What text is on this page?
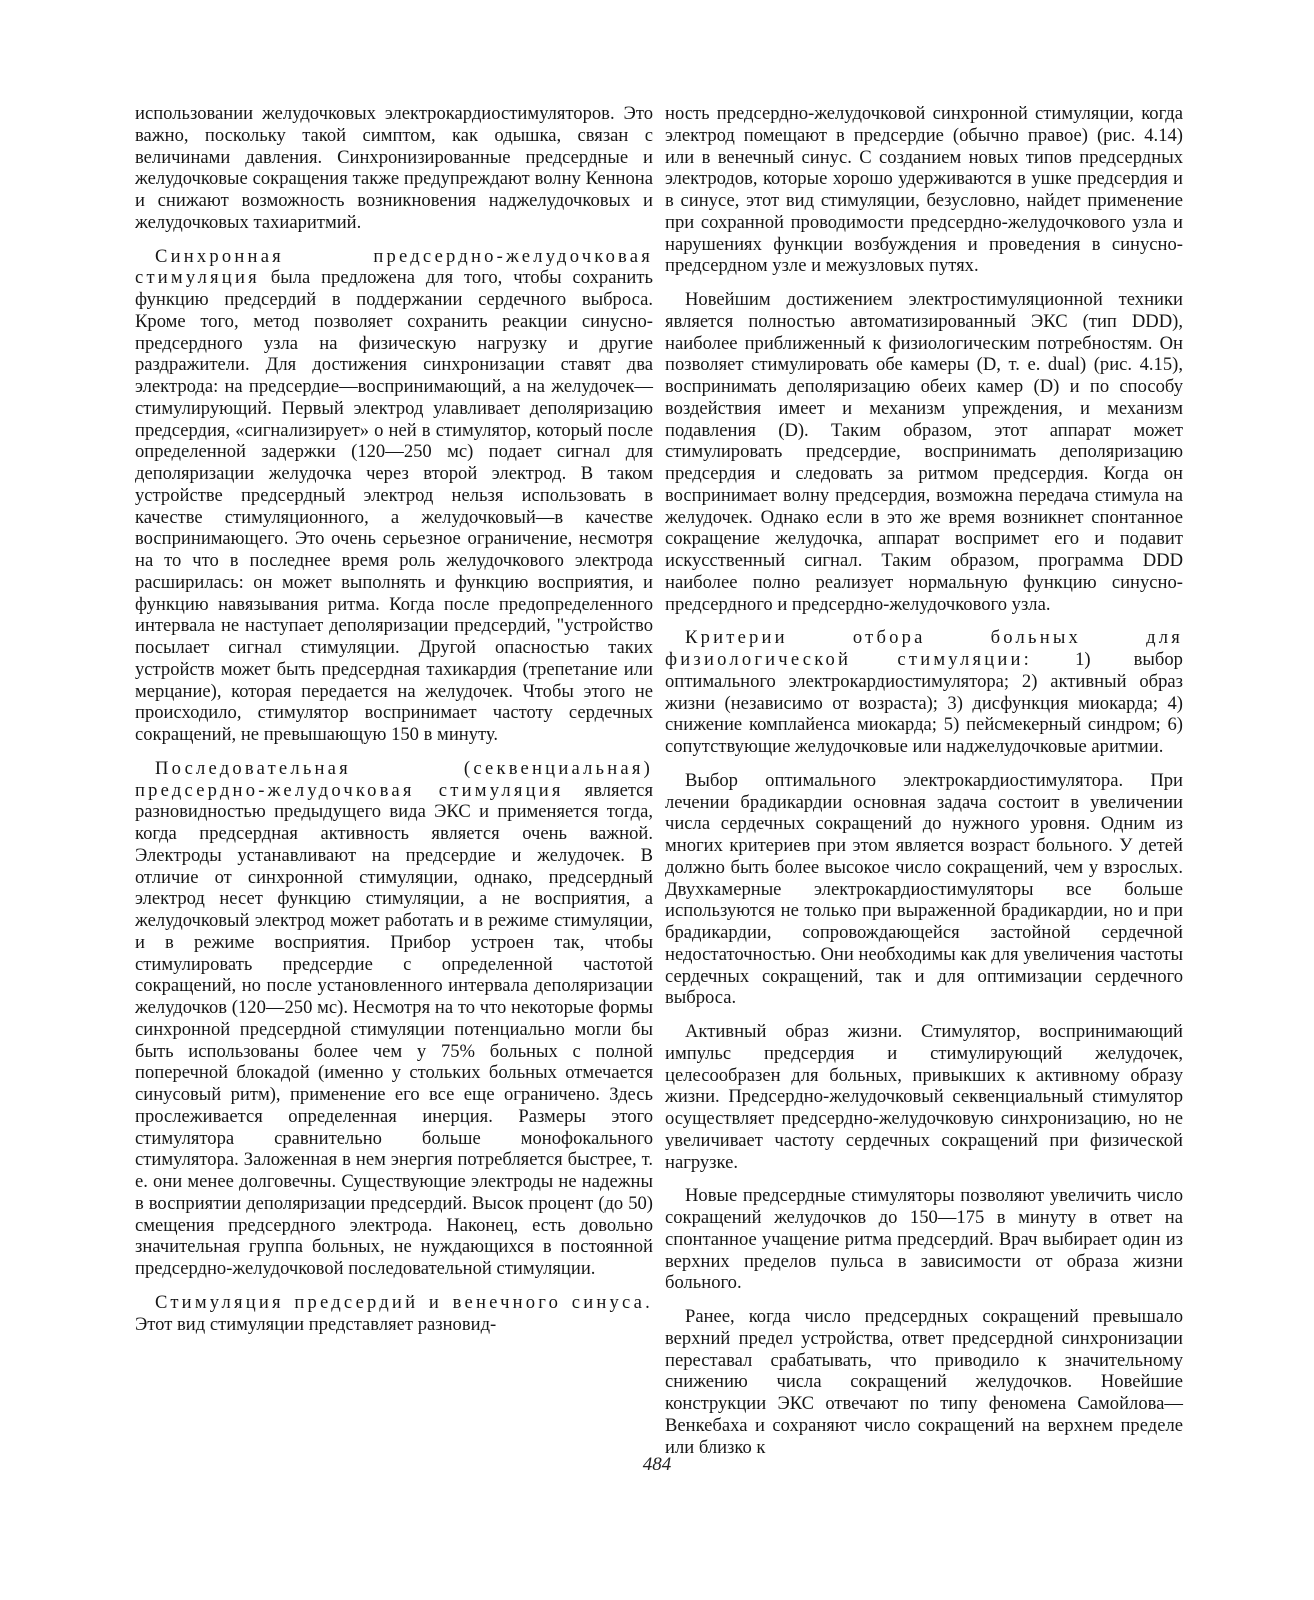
использовании желудочковых электрокардиостимуляторов. Это важно, поскольку такой симптом, как одышка, связан с величинами давления. Синхронизированные предсердные и желудочковые сокращения также предупреждают волну Кеннона и снижают возможность возникновения наджелудочковых и желудочковых тахиаритмий.

Синхронная предсердно-желудочковая стимуляция была предложена для того, чтобы сохранить функцию предсердий в поддержании сердечного выброса. Кроме того, метод позволяет сохранить реакции синусно-предсердного узла на физическую нагрузку и другие раздражители. Для достижения синхронизации ставят два электрода: на предсердие—воспринимающий, а на желудочек—стимулирующий. Первый электрод улавливает деполяризацию предсердия, «сигнализирует» о ней в стимулятор, который после определенной задержки (120—250 мс) подает сигнал для деполяризации желудочка через второй электрод. В таком устройстве предсердный электрод нельзя использовать в качестве стимуляционного, а желудочковый—в качестве воспринимающего. Это очень серьезное ограничение, несмотря на то что в последнее время роль желудочкового электрода расширилась: он может выполнять и функцию восприятия, и функцию навязывания ритма. Когда после предопределенного интервала не наступает деполяризации предсердий, "устройство посылает сигнал стимуляции. Другой опасностью таких устройств может быть предсердная тахикардия (трепетание или мерцание), которая передается на желудочек. Чтобы этого не происходило, стимулятор воспринимает частоту сердечных сокращений, не превышающую 150 в минуту.

Последовательная (секвенциальная) предсердно-желудочковая стимуляция является разновидностью предыдущего вида ЭКС и применяется тогда, когда предсердная активность является очень важной. Электроды устанавливают на предсердие и желудочек. В отличие от синхронной стимуляции, однако, предсердный электрод несет функцию стимуляции, а не восприятия, а желудочковый электрод может работать и в режиме стимуляции, и в режиме восприятия. Прибор устроен так, чтобы стимулировать предсердие с определенной частотой сокращений, но после установленного интервала деполяризации желудочков (120—250 мс). Несмотря на то что некоторые формы синхронной предсердной стимуляции потенциально могли бы быть использованы более чем у 75% больных с полной поперечной блокадой (именно у стольких больных отмечается синусовый ритм), применение его все еще ограничено. Здесь прослеживается определенная инерция. Размеры этого стимулятора сравнительно больше монофокального стимулятора. Заложенная в нем энергия потребляется быстрее, т. е. они менее долговечны. Существующие электроды не надежны в восприятии деполяризации предсердий. Высок процент (до 50) смещения предсердного электрода. Наконец, есть довольно значительная группа больных, не нуждающихся в постоянной предсердно-желудочковой последовательной стимуляции.

Стимуляция предсердий и венечного синуса. Этот вид стимуляции представляет разновид-

ность предсердно-желудочковой синхронной стимуляции, когда электрод помещают в предсердие (обычно правое) (рис. 4.14) или в венечный синус. С созданием новых типов предсердных электродов, которые хорошо удерживаются в ушке предсердия и в синусе, этот вид стимуляции, безусловно, найдет применение при сохранной проводимости предсердно-желудочкового узла и нарушениях функции возбуждения и проведения в синусно-предсердном узле и межузловых путях.

Новейшим достижением электростимуляционной техники является полностью автоматизированный ЭКС (тип DDD), наиболее приближенный к физиологическим потребностям. Он позволяет стимулировать обе камеры (D, т. е. dual) (рис. 4.15), воспринимать деполяризацию обеих камер (D) и по способу воздействия имеет и механизм упреждения, и механизм подавления (D). Таким образом, этот аппарат может стимулировать предсердие, воспринимать деполяризацию предсердия и следовать за ритмом предсердия. Когда он воспринимает волну предсердия, возможна передача стимула на желудочек. Однако если в это же время возникнет спонтанное сокращение желудочка, аппарат воспримет его и подавит искусственный сигнал. Таким образом, программа DDD наиболее полно реализует нормальную функцию синусно-предсердного и предсердно-желудочкового узла.

Критерии отбора больных для физиологической стимуляции: 1) выбор оптимального электрокардиостимулятора; 2) активный образ жизни (независимо от возраста); 3) дисфункция миокарда; 4) снижение комплайенса миокарда; 5) пейсмекерный синдром; 6) сопутствующие желудочковые или наджелудочковые аритмии.

Выбор оптимального электрокардиостимулятора. При лечении брадикардии основная задача состоит в увеличении числа сердечных сокращений до нужного уровня. Одним из многих критериев при этом является возраст больного. У детей должно быть более высокое число сокращений, чем у взрослых. Двухкамерные электрокардиостимуляторы все больше используются не только при выраженной брадикардии, но и при брадикардии, сопровождающейся застойной сердечной недостаточностью. Они необходимы как для увеличения частоты сердечных сокращений, так и для оптимизации сердечного выброса.

Активный образ жизни. Стимулятор, воспринимающий импульс предсердия и стимулирующий желудочек, целесообразен для больных, привыкших к активному образу жизни. Предсердно-желудочковый секвенциальный стимулятор осуществляет предсердно-желудочковую синхронизацию, но не увеличивает частоту сердечных сокращений при физической нагрузке.

Новые предсердные стимуляторы позволяют увеличить число сокращений желудочков до 150—175 в минуту в ответ на спонтанное учащение ритма предсердий. Врач выбирает один из верхних пределов пульса в зависимости от образа жизни больного.

Ранее, когда число предсердных сокращений превышало верхний предел устройства, ответ предсердной синхронизации переставал срабатывать, что приводило к значительному снижению числа сокращений желудочков. Новейшие конструкции ЭКС отвечают по типу феномена Самойлова—Венкебаха и сохраняют число сокращений на верхнем пределе или близко к

484
